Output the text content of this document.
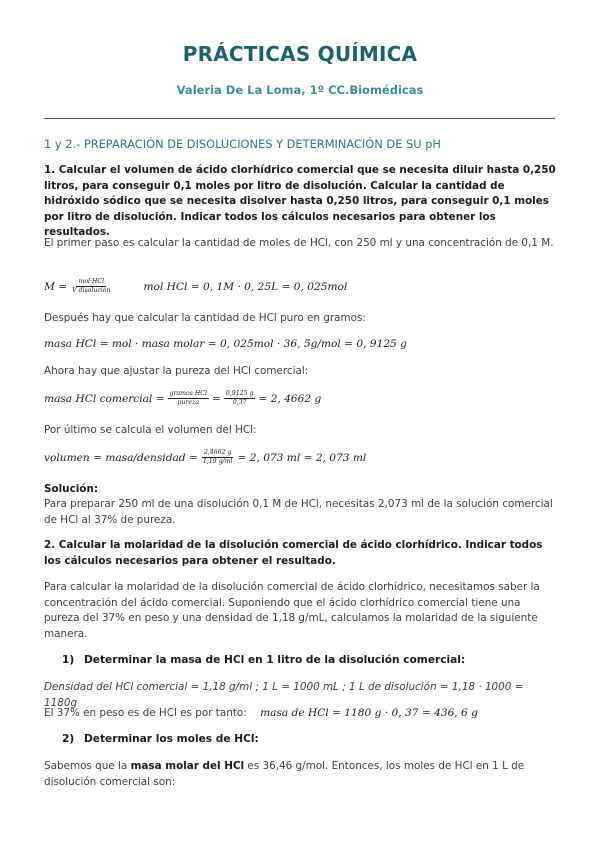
PRÁCTICAS QUÍMICA
Valeria De La Loma, 1º CC.Biomédicas
1 y 2.- PREPARACIÓN DE DISOLUCIONES Y DETERMINACIÓN DE SU pH
1. Calcular el volumen de ácido clorhídrico comercial que se necesita diluir hasta 0,250 litros, para conseguir 0,1 moles por litro de disolución. Calcular la cantidad de hidróxido sódico que se necesita disolver hasta 0,250 litros, para conseguir 0,1 moles por litro de disolución. Indicar todos los cálculos necesarios para obtener los resultados.
El primer paso es calcular la cantidad de moles de HCl, con 250 ml y una concentración de 0,1 M.
$M = \frac{\text{mol·HCl}}{\text{V disolución}}$	mol HCl = 0, 1M · 0, 25L = 0, 025mol
Después hay que calcular la cantidad de HCl puro en gramos:
masa HCl = mol · masa molar = 0, 025mol · 36, 5g/mol = 0, 9125 g
Ahora hay que ajustar la pureza del HCl comercial:
masa HCl comercial = $\frac{\text{gramos HCl}}{\text{pureza}} = \frac{0,9125 g}{0,37} = 2$, 4662 g
Por último se calcula el volumen del HCl:
volumen = masa/densidad = $\frac{2,4662 g}{1,19 g/ml} = 2$, 073 ml = 2, 073 ml
Solución:
Para preparar 250 ml de una disolución 0,1 M de HCl, necesitas 2,073 ml de la solución comercial de HCl al 37% de pureza.
2. Calcular la molaridad de la disolución comercial de ácido clorhídrico. Indicar todos los cálculos necesarios para obtener el resultado.
Para calcular la molaridad de la disolución comercial de ácido clorhídrico, necesitamos saber la concentración del ácido comercial. Suponiendo que el ácido clorhídrico comercial tiene una pureza del 37% en peso y una densidad de 1,18 g/mL, calculamos la molaridad de la siguiente manera.
1) Determinar la masa de HCl en 1 litro de la disolución comercial:
Densidad del HCl comercial = 1,18 g/ml ; 1 L = 1000 mL ; 1 L de disolución = 1,18 · 1000 = 1180g
El 37% en peso es de HCl es por tanto: masa de HCl = 1180 g · 0, 37 = 436, 6 g
2) Determinar los moles de HCl:
Sabemos que la masa molar del HCl es 36,46 g/mol. Entonces, los moles de HCl en 1 L de disolución comercial son:
